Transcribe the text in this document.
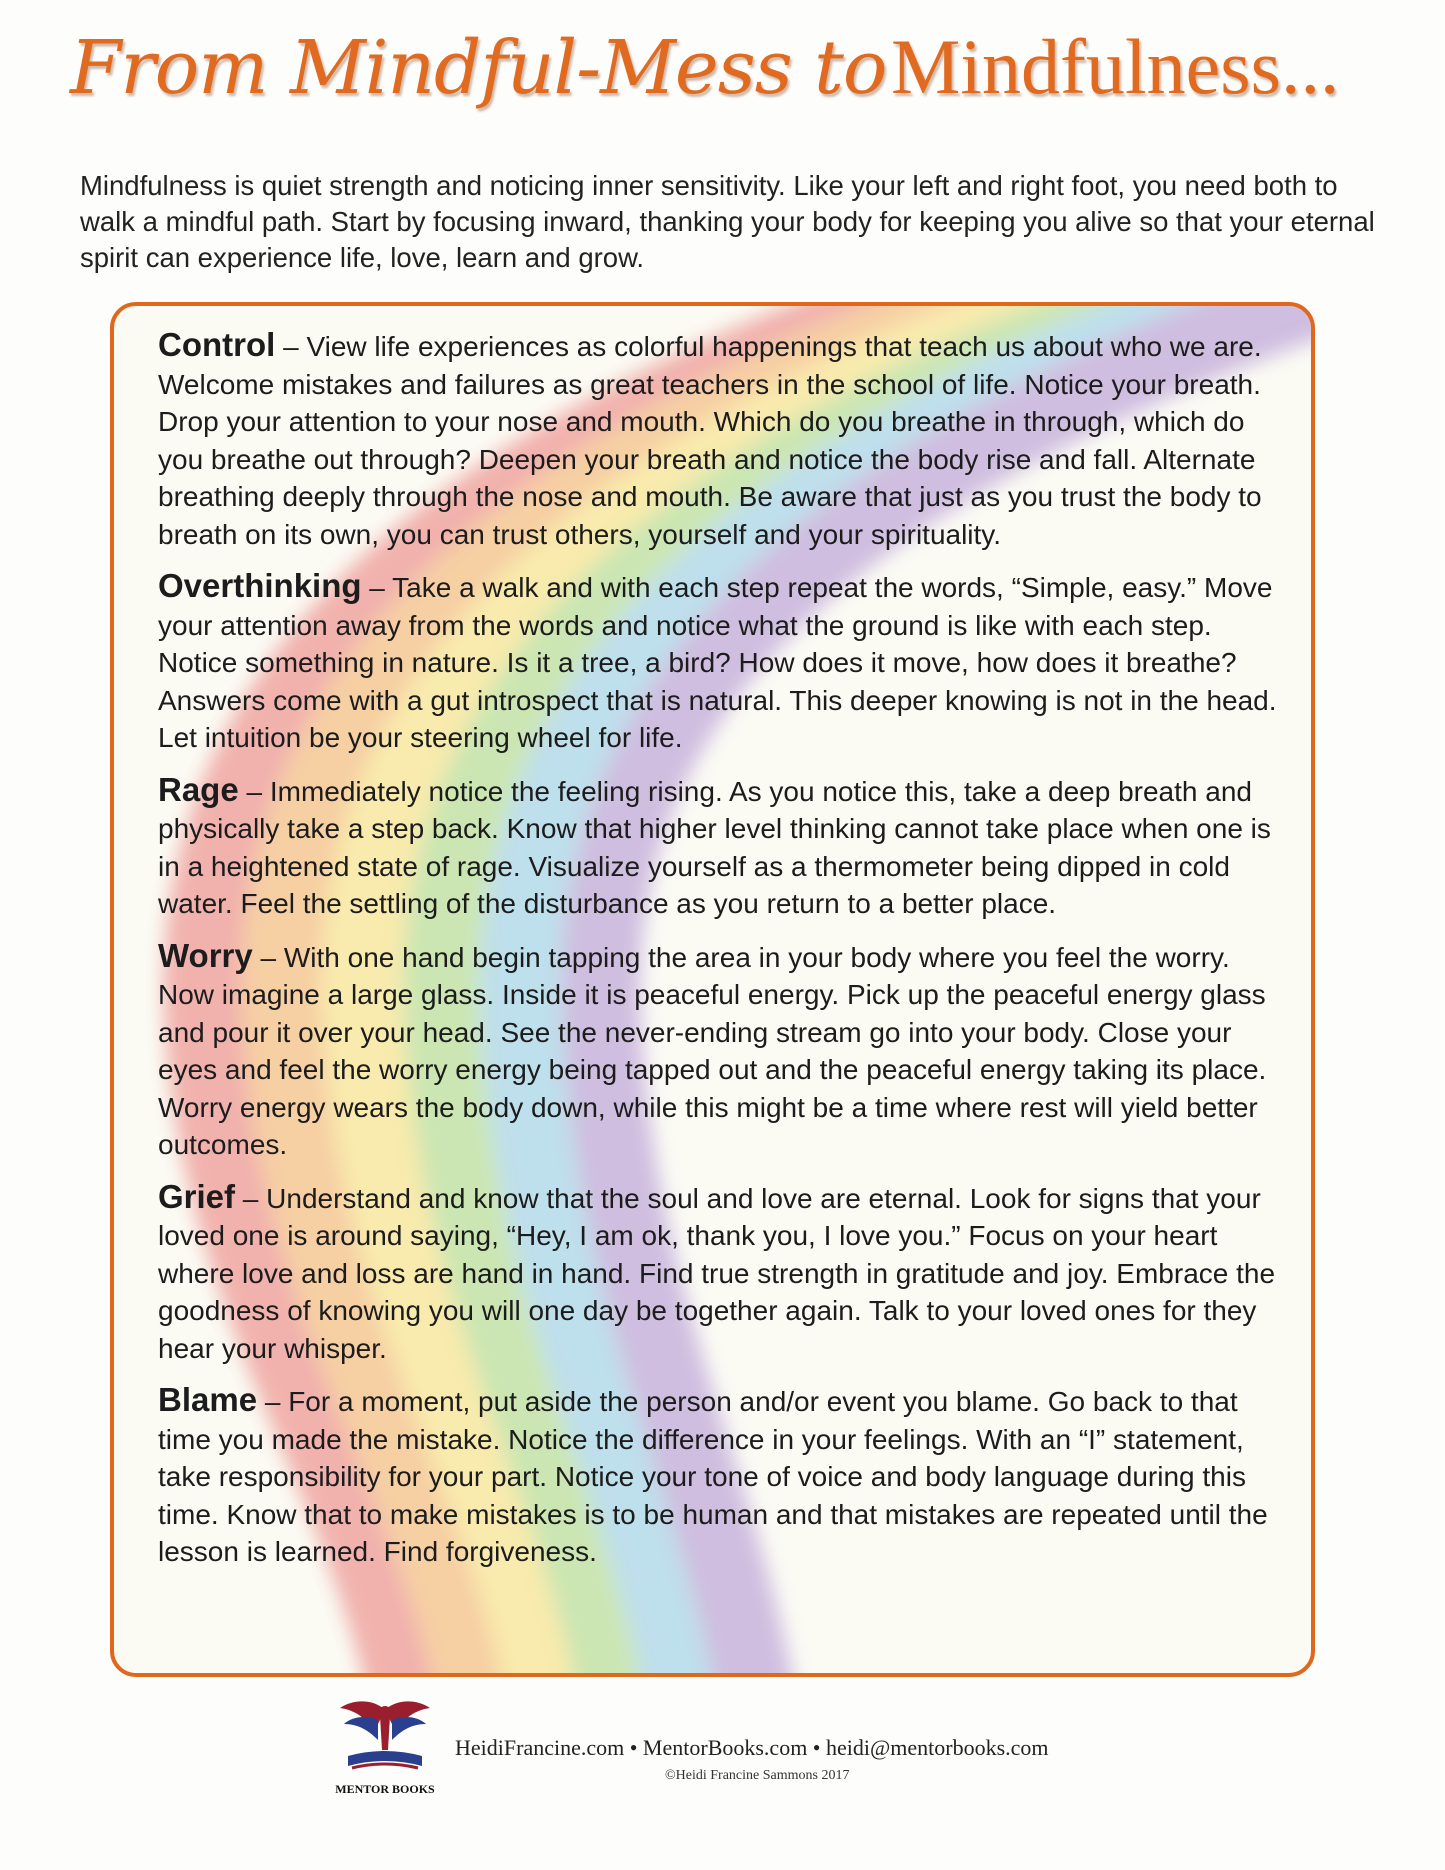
From Mindful-Mess to Mindfulness...
Mindfulness is quiet strength and noticing inner sensitivity. Like your left and right foot, you need both to walk a mindful path. Start by focusing inward, thanking your body for keeping you alive so that your eternal spirit can experience life, love, learn and grow.

Control – View life experiences as colorful happenings that teach us about who we are. Welcome mistakes and failures as great teachers in the school of life. Notice your breath. Drop your attention to your nose and mouth. Which do you breathe in through, which do you breathe out through? Deepen your breath and notice the body rise and fall. Alternate breathing deeply through the nose and mouth. Be aware that just as you trust the body to breath on its own, you can trust others, yourself and your spirituality.

Overthinking – Take a walk and with each step repeat the words, “Simple, easy.” Move your attention away from the words and notice what the ground is like with each step. Notice something in nature. Is it a tree, a bird? How does it move, how does it breathe? Answers come with a gut introspect that is natural. This deeper knowing is not in the head. Let intuition be your steering wheel for life.

Rage – Immediately notice the feeling rising. As you notice this, take a deep breath and physically take a step back. Know that higher level thinking cannot take place when one is in a heightened state of rage. Visualize yourself as a thermometer being dipped in cold water. Feel the settling of the disturbance as you return to a better place.

Worry – With one hand begin tapping the area in your body where you feel the worry. Now imagine a large glass. Inside it is peaceful energy. Pick up the peaceful energy glass and pour it over your head. See the never-ending stream go into your body. Close your eyes and feel the worry energy being tapped out and the peaceful energy taking its place. Worry energy wears the body down, while this might be a time where rest will yield better outcomes.

Grief – Understand and know that the soul and love are eternal. Look for signs that your loved one is around saying, “Hey, I am ok, thank you, I love you.” Focus on your heart where love and loss are hand in hand. Find true strength in gratitude and joy. Embrace the goodness of knowing you will one day be together again. Talk to your loved ones for they hear your whisper.

Blame – For a moment, put aside the person and/or event you blame. Go back to that time you made the mistake. Notice the difference in your feelings. With an “I” statement, take responsibility for your part. Notice your tone of voice and body language during this time. Know that to make mistakes is to be human and that mistakes are repeated until the lesson is learned. Find forgiveness.

MENTOR BOOKS
HeidiFrancine.com • MentorBooks.com • heidi@mentorbooks.com
©Heidi Francine Sammons 2017
